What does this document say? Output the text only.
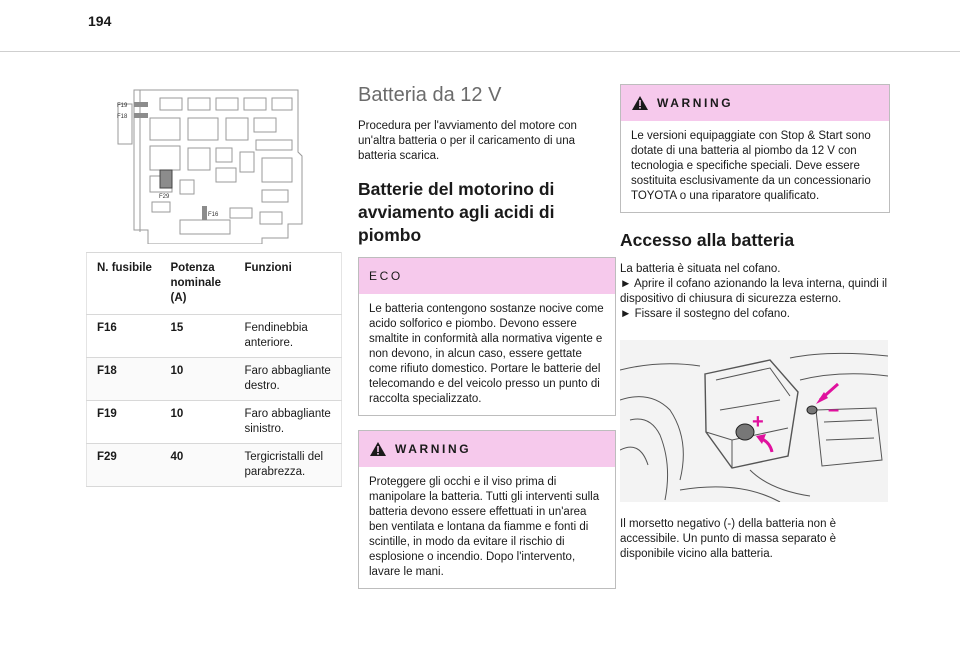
194
F19
F18
F29
F16
N. fusibile	Potenza nominale (A)	Funzioni
F16	15	Fendinebbia anteriore.
F18	10	Faro abbagliante destro.
F19	10	Faro abbagliante sinistro.
F29	40	Tergicristalli del parabrezza.
Batteria da 12 V

Procedura per l'avviamento del motore con un'altra batteria o per il caricamento di una batteria scarica.

Batterie del motorino di avviamento agli acidi di piombo
ECO
Le batteria contengono sostanze nocive come acido solforico e piombo. Devono essere smaltite in conformità alla normativa vigente e non devono, in alcun caso, essere gettate come rifiuto domestico. Portare le batterie del telecomando e del veicolo presso un punto di raccolta specializzato.
WARNING
Proteggere gli occhi e il viso prima di manipolare la batteria. Tutti gli interventi sulla batteria devono essere effettuati in un'area ben ventilata e lontana da fiamme e fonti di scintille, in modo da evitare il rischio di esplosione o incendio. Dopo l'intervento, lavare le mani.
WARNING
Le versioni equipaggiate con Stop & Start sono dotate di una batteria al piombo da 12 V con tecnologia e specifiche speciali. Deve essere sostituita esclusivamente da un concessionario TOYOTA o una riparatore qualificato.
Accesso alla batteria

La batteria è situata nel cofano.

► Aprire il cofano azionando la leva interna, quindi il dispositivo di chiusura di sicurezza esterno.

► Fissare il sostegno del cofano.

+
–

Il morsetto negativo (-) della batteria non è accessibile. Un punto di massa separato è disponibile vicino alla batteria.
